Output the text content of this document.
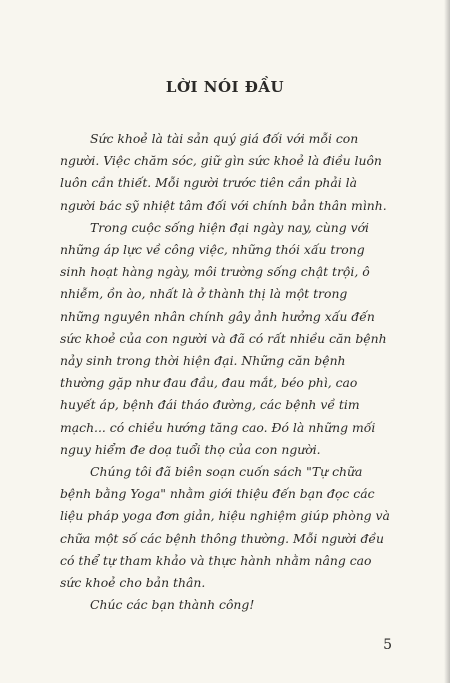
LỜI NÓI ĐẦU

Sức khoẻ là tài sản quý giá đối với mỗi con người. Việc chăm sóc, giữ gìn sức khoẻ là điều luôn luôn cần thiết. Mỗi người trước tiên cần phải là người bác sỹ nhiệt tâm đối với chính bản thân mình.

Trong cuộc sống hiện đại ngày nay, cùng với những áp lực về công việc, những thói xấu trong sinh hoạt hàng ngày, môi trường sống chật trội, ô nhiễm, ồn ào, nhất là ở thành thị là một trong những nguyên nhân chính gây ảnh hưởng xấu đến sức khoẻ của con người và đã có rất nhiều căn bệnh nảy sinh trong thời hiện đại. Những căn bệnh thường gặp như đau đầu, đau mắt, béo phì, cao huyết áp, bệnh đái tháo đường, các bệnh về tim mạch... có chiều hướng tăng cao. Đó là những mối nguy hiểm đe doạ tuổi thọ của con người.

Chúng tôi đã biên soạn cuốn sách "Tự chữa bệnh bằng Yoga" nhằm giới thiệu đến bạn đọc các liệu pháp yoga đơn giản, hiệu nghiệm giúp phòng và chữa một số các bệnh thông thường. Mỗi người đều có thể tự tham khảo và thực hành nhằm nâng cao sức khoẻ cho bản thân.

Chúc các bạn thành công!

5
